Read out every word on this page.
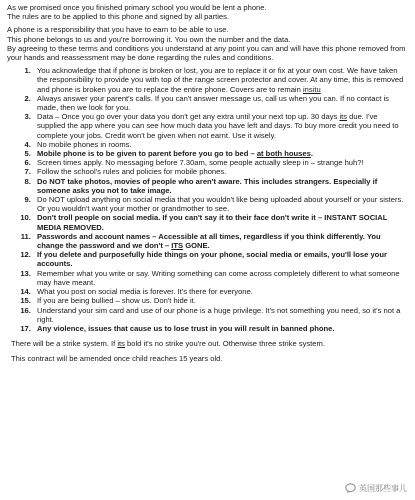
As we promised once you finished primary school you would be lent a phone.

The rules are to be applied to this phone and signed by all parties.

A phone is a responsibility that you have to earn to be able to use.

This phone belongs to us and you're borrowing it. You own the number and the data.

By agreeing to these terms and conditions you understand at any point you can and will have this phone removed from your hands and reassessment may be done regarding the rules and conditions.

1. You acknowledge that if phone is broken or lost, you are to replace it or fix at your own cost. We have taken the responsibility to provide you with top of the range screen protector and cover. At any time, this is removed and phone is broken you are to replace the entire phone. Covers are to remain insitu
2. Always answer your parent's calls. If you can't answer message us, call us when you can. If no contact is made, then we look for you.
3. Data – Once you go over your data you don't get any extra until your next top up. 30 days its due. I've supplied the app where you can see how much data you have left and days. To buy more credit you need to complete your jobs. Credit won't be given when not earnt. Use it wisely.
4. No mobile phones in rooms.
5. Mobile phone is to be given to parent before you go to bed – at both houses.
6. Screen times apply. No messaging before 7.30am, some people actually sleep in – strange huh?!
7. Follow the school's rules and policies for mobile phones.
8. Do NOT take photos, movies of people who aren't aware. This includes strangers. Especially if someone asks you not to take image.
9. Do NOT upload anything on social media that you wouldn't like being uploaded about yourself or your sisters. Or you wouldn't want your mother or grandmother to see.
10. Don't troll people on social media. If you can't say it to their face don't write it – INSTANT SOCIAL MEDIA REMOVED.
11. Passwords and account names – Accessible at all times, regardless if you think differently. You change the password and we don't – ITS GONE.
12. If you delete and purposefully hide things on your phone, social media or emails, you'll lose your accounts.
13. Remember what you write or say. Writing something can come across completely different to what someone may have meant.
14. What you post on social media is forever. It's there for everyone.
15. If you are being bullied – show us. Don't hide it.
16. Understand your sim card and use of our phone is a huge privilege. It's not something you need, so it's not a right.
17. Any violence, issues that cause us to lose trust in you will result in banned phone.

There will be a strike system. If its bold it's no strike you're out. Otherwise three strike system.

This contract will be amended once child reaches 15 years old.

英国那些事儿
